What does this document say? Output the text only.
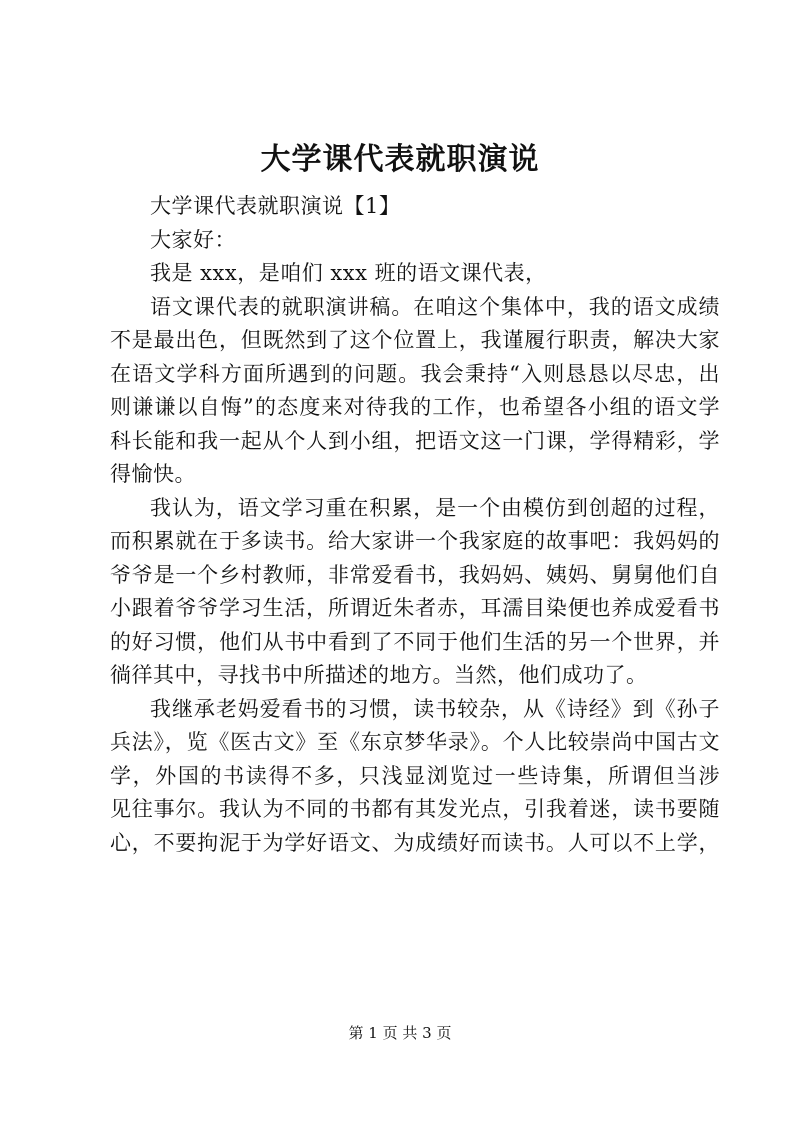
大学课代表就职演说
大学课代表就职演说【1】
大家好：
我是 xxx，是咱们 xxx 班的语文课代表，
语文课代表的就职演讲稿。在咱这个集体中，我的语文成绩
不是最出色，但既然到了这个位置上，我谨履行职责，解决大家
在语文学科方面所遇到的问题。我会秉持“入则恳恳以尽忠，出
则谦谦以自悔”的态度来对待我的工作，也希望各小组的语文学
科长能和我一起从个人到小组，把语文这一门课，学得精彩，学
得愉快。
我认为，语文学习重在积累，是一个由模仿到创超的过程，
而积累就在于多读书。给大家讲一个我家庭的故事吧：我妈妈的
爷爷是一个乡村教师，非常爱看书，我妈妈、姨妈、舅舅他们自
小跟着爷爷学习生活，所谓近朱者赤，耳濡目染便也养成爱看书
的好习惯，他们从书中看到了不同于他们生活的另一个世界，并
徜徉其中，寻找书中所描述的地方。当然，他们成功了。
我继承老妈爱看书的习惯，读书较杂，从《诗经》到《孙子
兵法》，览《医古文》至《东京梦华录》。个人比较崇尚中国古文
学，外国的书读得不多，只浅显浏览过一些诗集，所谓但当涉
见往事尔。我认为不同的书都有其发光点，引我着迷，读书要随
心，不要拘泥于为学好语文、为成绩好而读书。人可以不上学，
第 1 页 共 3 页
